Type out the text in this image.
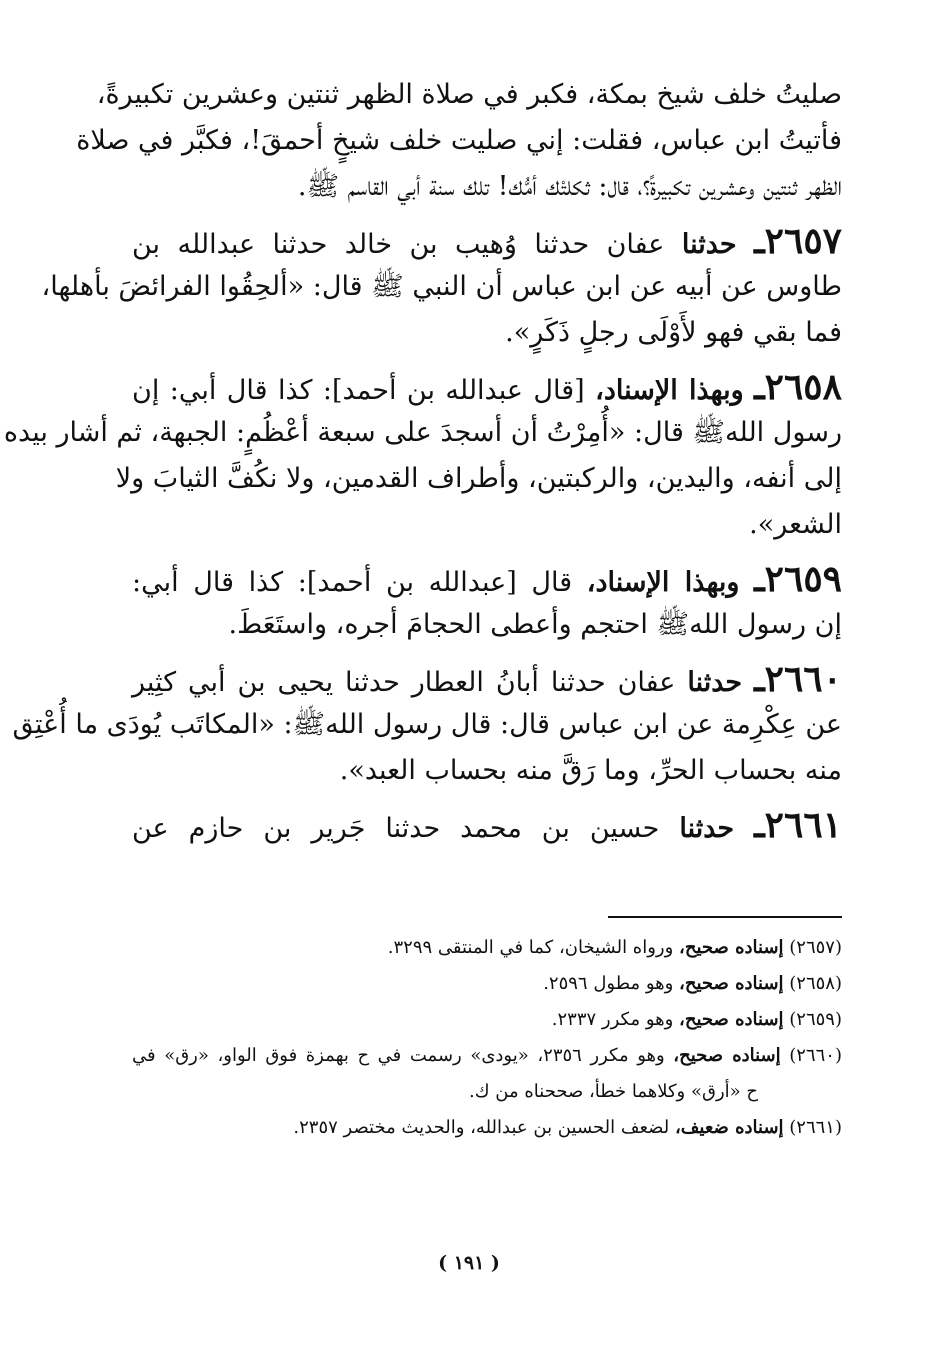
صليتُ خلف شيخ بمكة، فكبر في صلاة الظهر ثنتين وعشرين تكبيرةً،
فأتيتُ ابن عباس، فقلت: إني صليت خلف شيخٍ أحمقَ!، فكبَّر في صلاة
الظهر ثنتين وعشرين تكبيرةً؟، قال: ثكلتْك أمُّك! تلك سنة أبي القاسم ﷺ.
٢٦٥٧ـ حدثنا عفان حدثنا وُهيب بن خالد حدثنا عبدالله بن
طاوس عن أبيه عن ابن عباس أن النبي ﷺ قال: «ألحِقُوا الفرائضَ بأهلها،
فما بقي فهو لأَوْلَى رجلٍ ذَكَرٍ».
٢٦٥٨ـ وبهذا الإسناد، [قال عبدالله بن أحمد]: كذا قال أبي: إن
رسول اللهﷺ قال: «أُمِرْتُ أن أسجدَ على سبعة أعْظُمٍ: الجبهة، ثم أشار بيده
إلى أنفه، واليدين، والركبتين، وأطراف القدمين، ولا نكُفَّ الثيابَ ولا
الشعر».
٢٦٥٩ـ وبهذا الإسناد، قال [عبدالله بن أحمد]: كذا قال أبي:
إن رسول اللهﷺ احتجم وأعطى الحجامَ أجره، واستَعَطَ.
٢٦٦٠ـ حدثنا عفان حدثنا أبانُ العطار حدثنا يحيى بن أبي كثِير
عن عِكْرِمة عن ابن عباس قال: قال رسول اللهﷺ: «المكاتَب يُودَى ما أُعْتِق
منه بحساب الحرِّ، وما رَقَّ منه بحساب العبد».
٢٦٦١ـ حدثنا حسين بن محمد حدثنا جَرير بن حازم عن
(٢٦٥٧) إسناده صحيح، ورواه الشيخان، كما في المنتقى ٣٢٩٩.
(٢٦٥٨) إسناده صحيح، وهو مطول ٢٥٩٦.
(٢٦٥٩) إسناده صحيح، وهو مكرر ٢٣٣٧.
(٢٦٦٠) إسناده صحيح، وهو مكرر ٢٣٥٦، «يودى» رسمت في ح بهمزة فوق الواو، «رق» في
ح «أرق» وكلاهما خطأ، صححناه من ك.
(٢٦٦١) إسناده ضعيف، لضعف الحسين بن عبدالله، والحديث مختصر ٢٣٥٧.
( ١٩١ )
